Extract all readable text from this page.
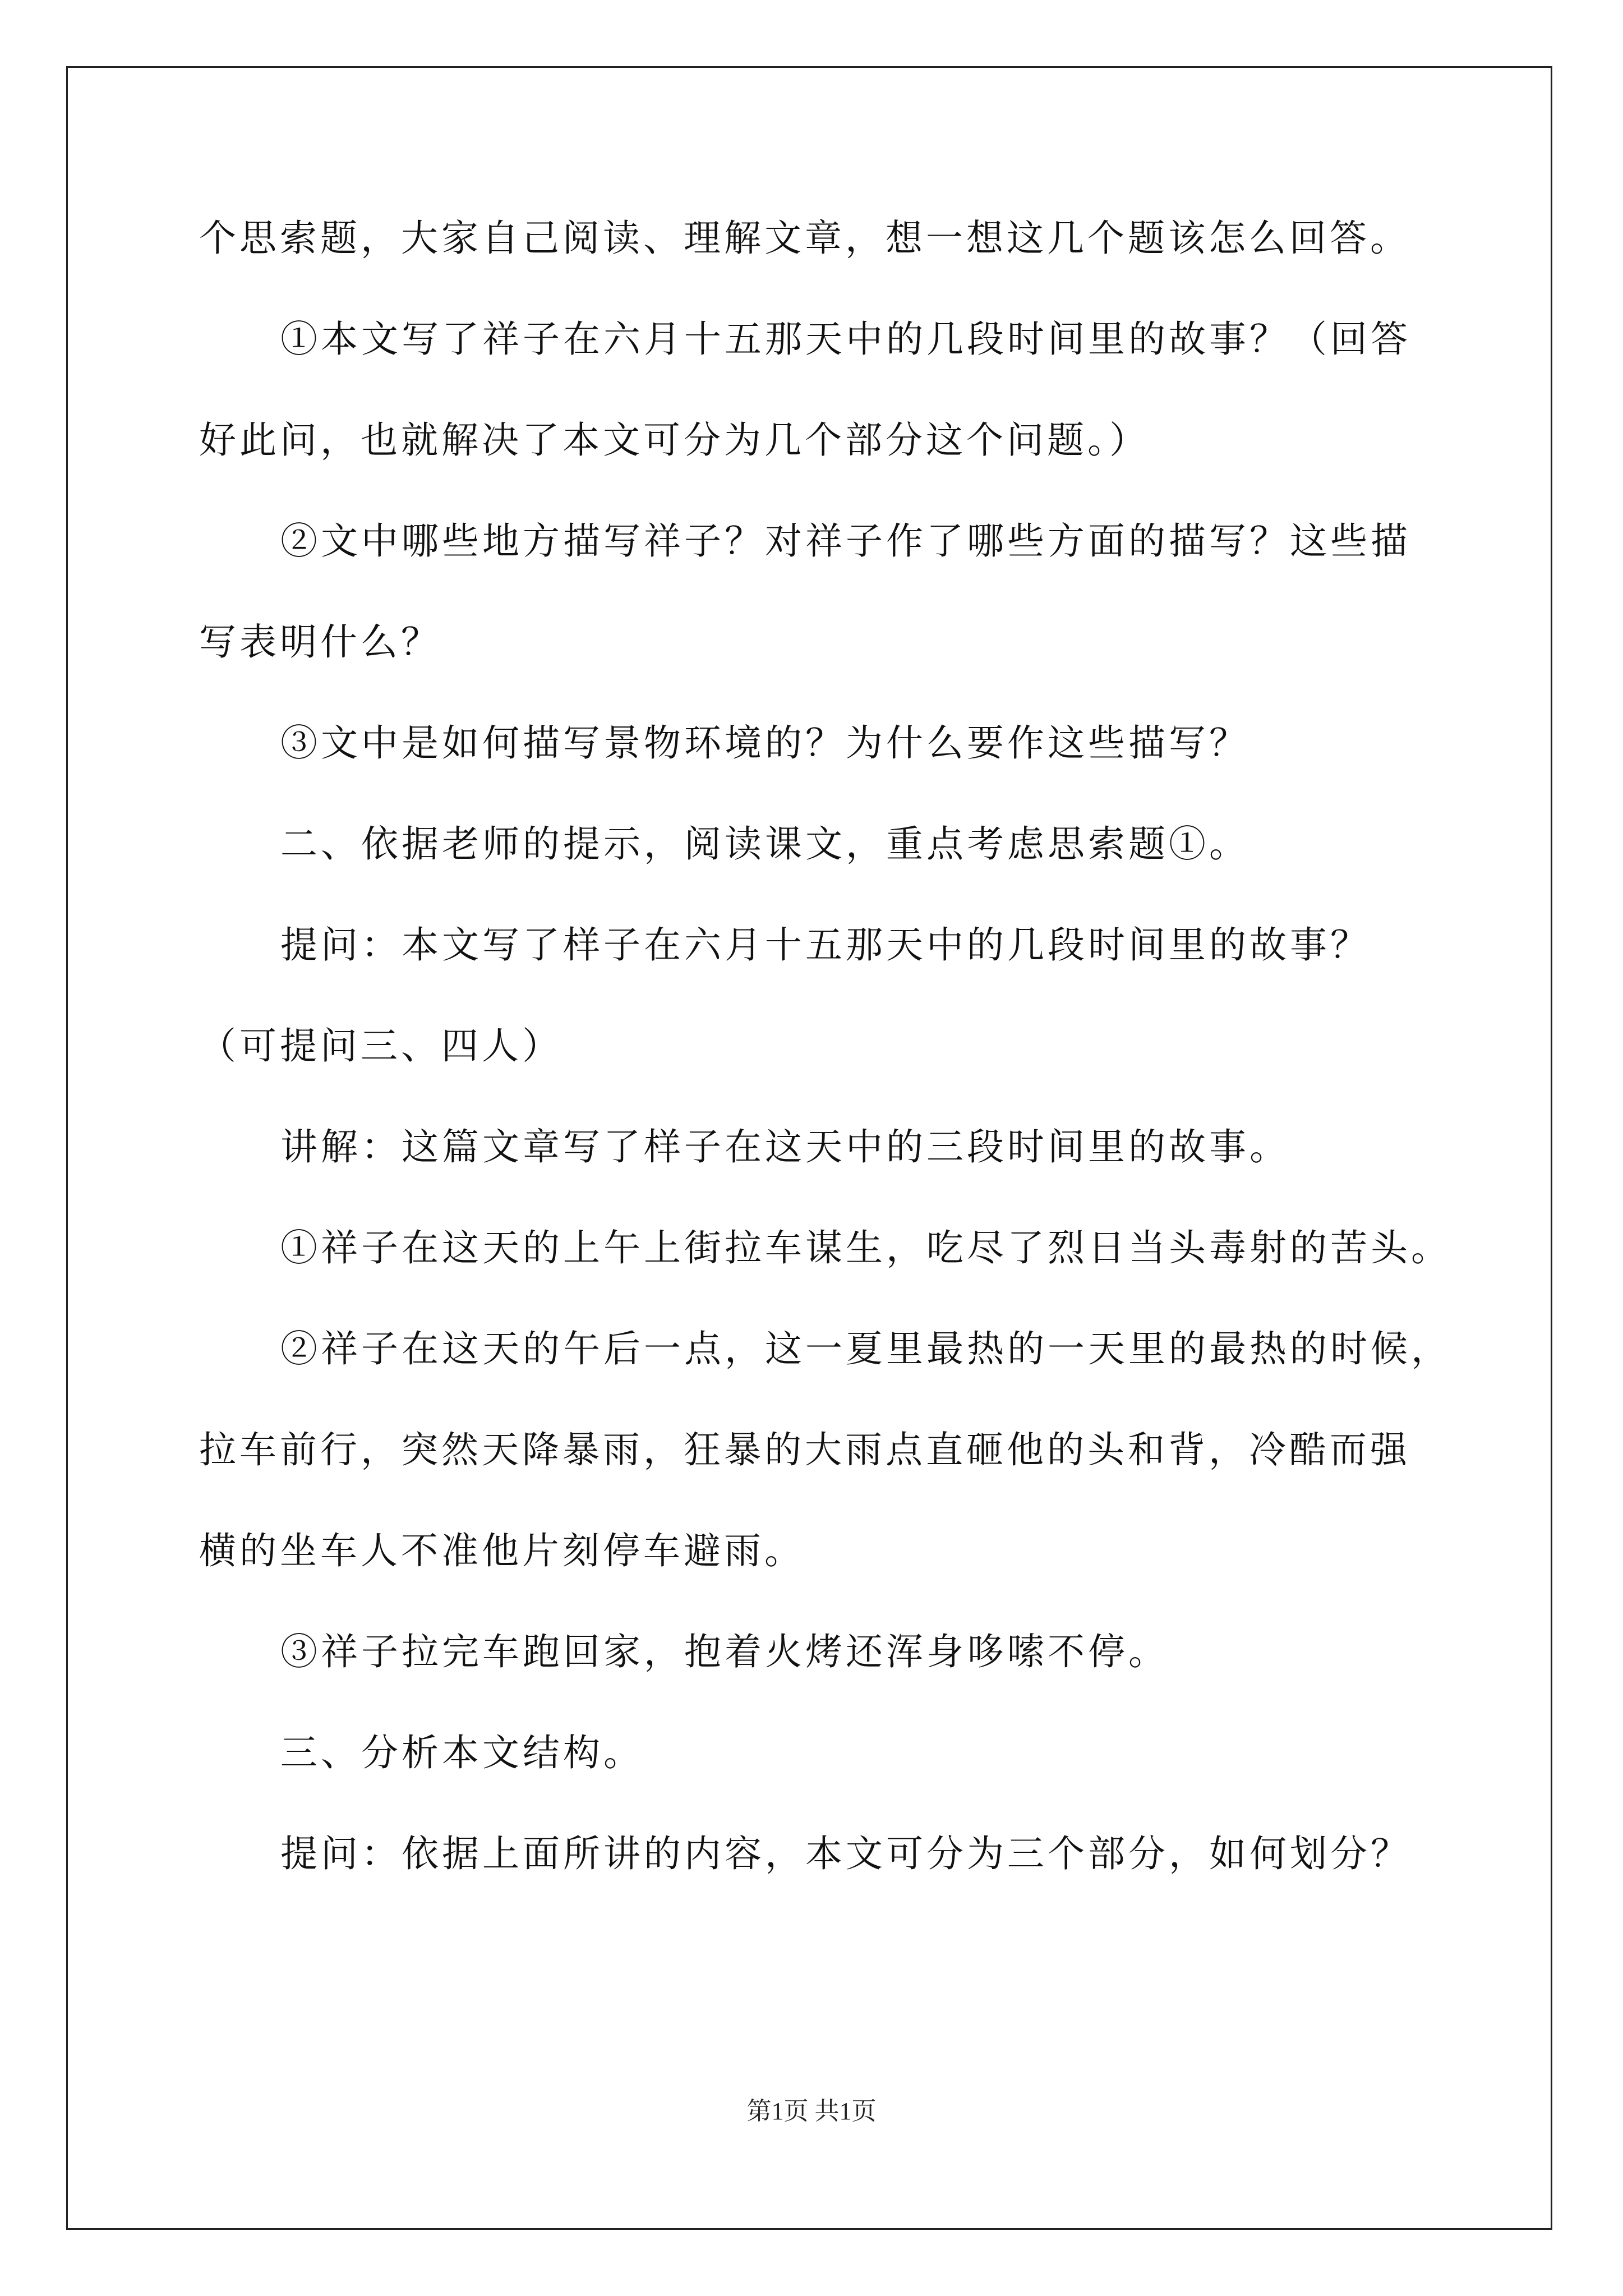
个思索题，大家自己阅读、理解文章，想一想这几个题该怎么回答。
①本文写了祥子在六月十五那天中的几段时间里的故事？（回答
好此问，也就解决了本文可分为几个部分这个问题。）
②文中哪些地方描写祥子？对祥子作了哪些方面的描写？这些描
写表明什么？
③文中是如何描写景物环境的？为什么要作这些描写？
二、依据老师的提示，阅读课文，重点考虑思索题①。
提问：本文写了样子在六月十五那天中的几段时间里的故事？
（可提问三、四人）
讲解：这篇文章写了样子在这天中的三段时间里的故事。
①祥子在这天的上午上街拉车谋生，吃尽了烈日当头毒射的苦头。
②祥子在这天的午后一点，这一夏里最热的一天里的最热的时候，
拉车前行，突然天降暴雨，狂暴的大雨点直砸他的头和背，冷酷而强
横的坐车人不准他片刻停车避雨。
③祥子拉完车跑回家，抱着火烤还浑身哆嗦不停。
三、分析本文结构。
提问：依据上面所讲的内容，本文可分为三个部分，如何划分？
第1页 共1页
